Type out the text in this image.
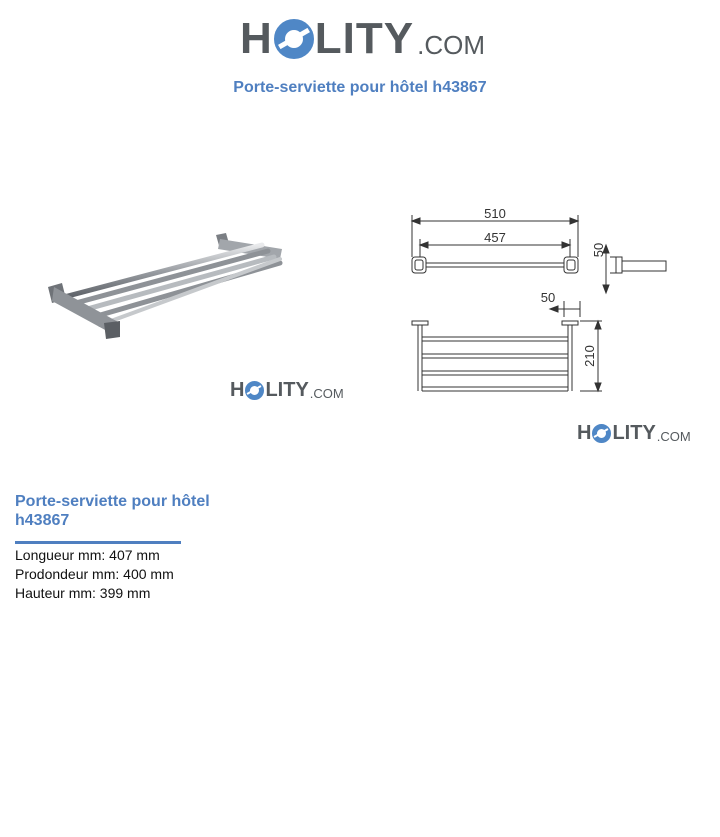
H LITY .COM
Porte-serviette pour hôtel h43867
H LITY .COM
510
457
50
50
210
H LITY .COM
Porte-serviette pour hôtel h43867
Longueur mm: 407 mm
Prodondeur mm: 400 mm
Hauteur mm: 399 mm
